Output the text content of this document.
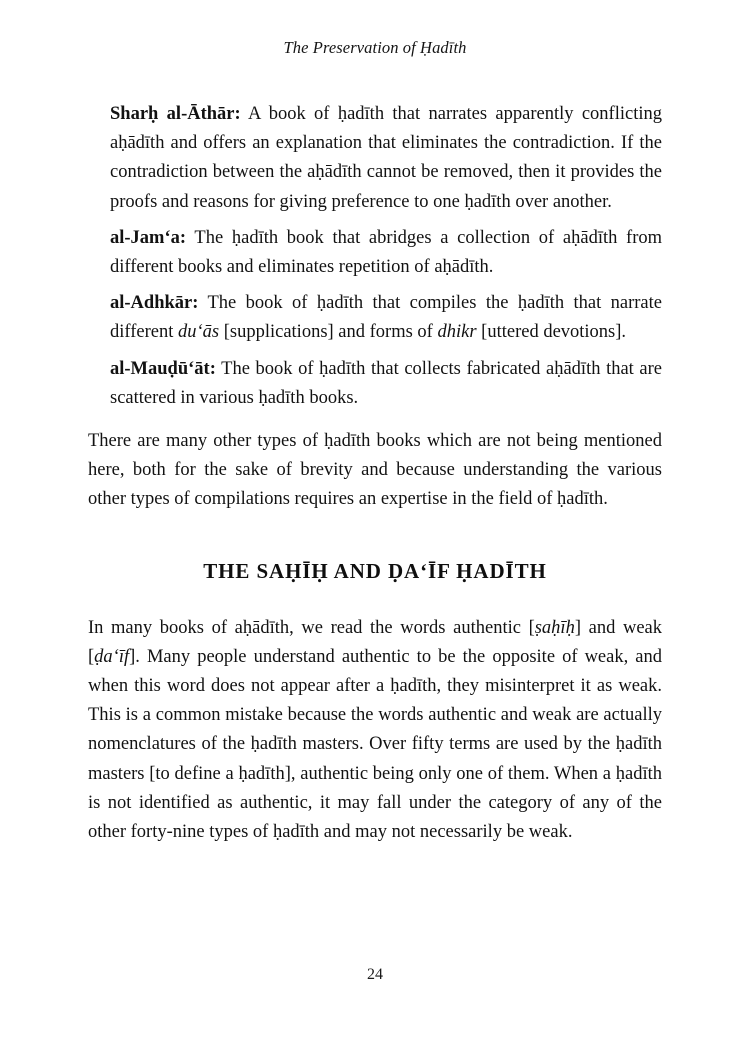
The Preservation of Ḥadīth

Sharḥ al-Āthār: A book of ḥadīth that narrates apparently conflicting aḥādīth and offers an explanation that eliminates the contradiction. If the contradiction between the aḥādīth cannot be removed, then it provides the proofs and reasons for giving preference to one ḥadīth over another.

al-Jamʻa: The ḥadīth book that abridges a collection of aḥādīth from different books and eliminates repetition of aḥādīth.

al-Adhkār: The book of ḥadīth that compiles the ḥadīth that narrate different duʻās [supplications] and forms of dhikr [uttered devotions].

al-Mauḍūʻāt: The book of ḥadīth that collects fabricated aḥādīth that are scattered in various ḥadīth books.

There are many other types of ḥadīth books which are not being mentioned here, both for the sake of brevity and because understanding the various other types of compilations requires an expertise in the field of ḥadīth.

THE SAḤĪḤ AND ḌAʻĪF ḤADĪTH

In many books of aḥādīth, we read the words authentic [ṣaḥīḥ] and weak [ḍaʻīf]. Many people understand authentic to be the opposite of weak, and when this word does not appear after a ḥadīth, they misinterpret it as weak. This is a common mistake because the words authentic and weak are actually nomenclatures of the ḥadīth masters. Over fifty terms are used by the ḥadīth masters [to define a ḥadīth], authentic being only one of them. When a ḥadīth is not identified as authentic, it may fall under the category of any of the other forty-nine types of ḥadīth and may not necessarily be weak.

24
